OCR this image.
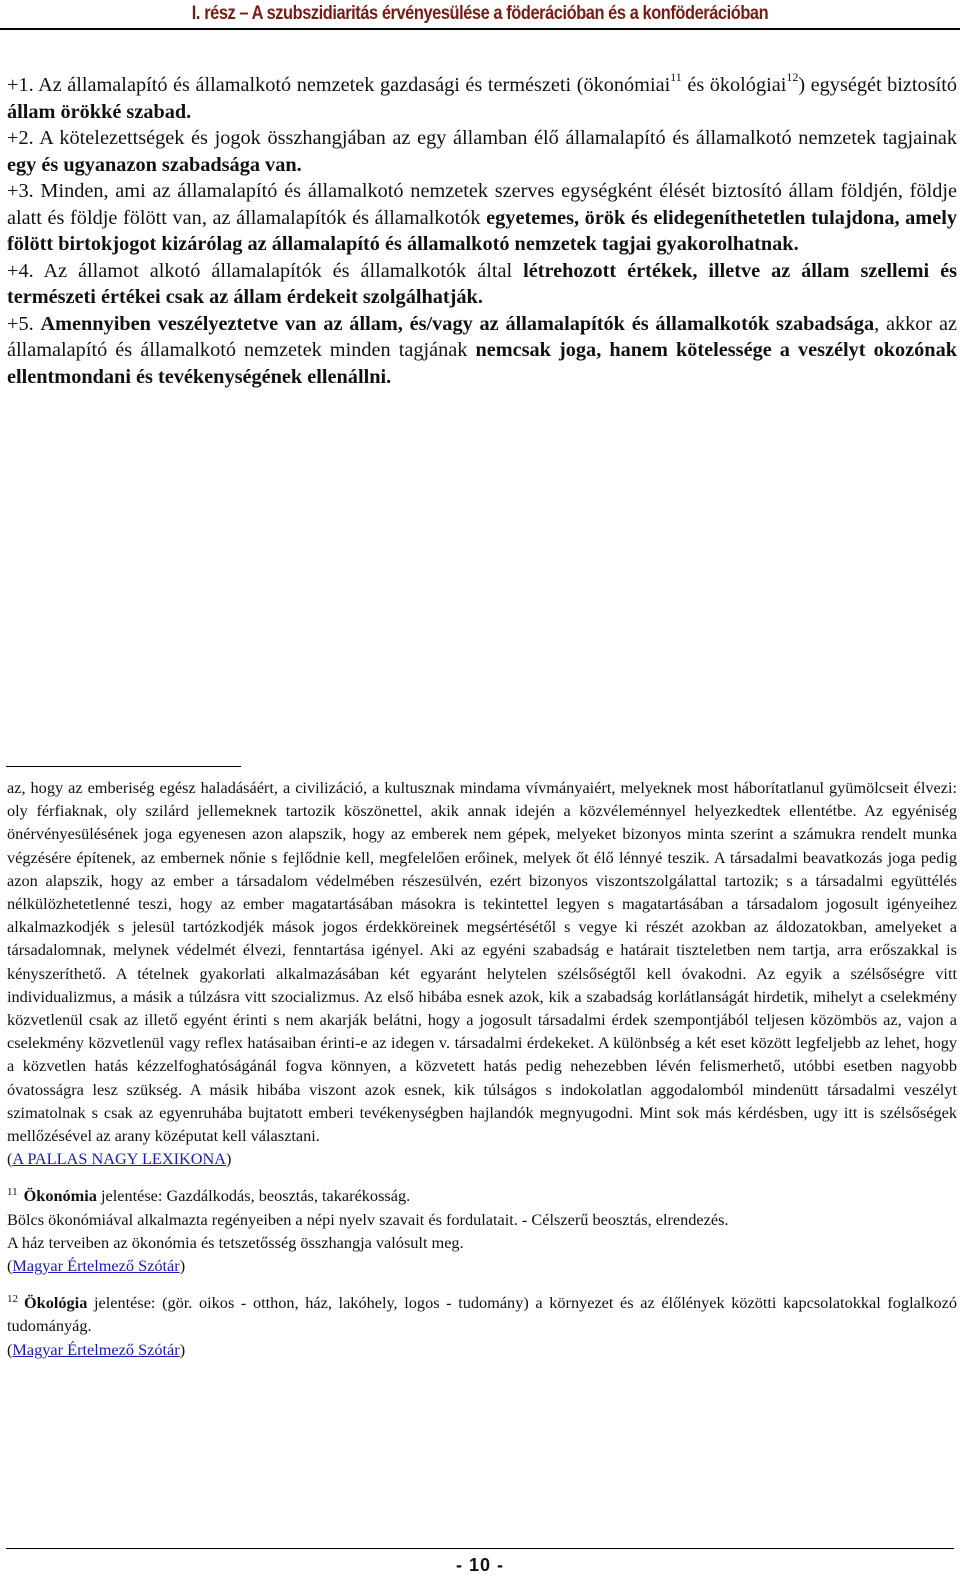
I. rész – A szubszidiaritás érvényesülése a föderációban és a konföderációban

+1. Az államalapító és államalkotó nemzetek gazdasági és természeti (ökonómiai$^{11}$ és ökológiai$^{12}$) egységét biztosító állam örökké szabad.

+2. A kötelezettségek és jogok összhangjában az egy államban élő államalapító és államalkotó nemzetek tagjainak egy és ugyanazon szabadsága van.

+3. Minden, ami az államalapító és államalkotó nemzetek szerves egységként élését biztosító állam földjén, földje alatt és földje fölött van, az államalapítók és államalkotók egyetemes, örök és elidegeníthetetlen tulajdona, amely fölött birtokjogot kizárólag az államalapító és államalkotó nemzetek tagjai gyakorolhatnak.

+4. Az államot alkotó államalapítók és államalkotók által létrehozott értékek, illetve az állam szellemi és természeti értékei csak az állam érdekeit szolgálhatják.

+5. Amennyiben veszélyeztetve van az állam, és/vagy az államalapítók és államalkotók szabadsága, akkor az államalapító és államalkotó nemzetek minden tagjának nemcsak joga, hanem kötelessége a veszélyt okozónak ellentmondani és tevékenységének ellenállni.

az, hogy az emberiség egész haladásáért, a civilizáció, a kultusznak mindama vívmányaiért, melyeknek most háborítatlanul gyümölcseit élvezi: oly férfiaknak, oly szilárd jellemeknek tartozik köszönettel, akik annak idején a közvéleménnyel helyezkedtek ellentétbe. Az egyéniség önérvényesülésének joga egyenesen azon alapszik, hogy az emberek nem gépek, melyeket bizonyos minta szerint a számukra rendelt munka végzésére építenek, az embernek nőnie s fejlődnie kell, megfelelően erőinek, melyek őt élő lénnyé teszik. A társadalmi beavatkozás joga pedig azon alapszik, hogy az ember a társadalom védelmében részesülvén, ezért bizonyos viszontszolgálattal tartozik; s a társadalmi együttélés nélkülözhetetlenné teszi, hogy az ember magatartásában másokra is tekintettel legyen s magatartásában a társadalom jogosult igényeihez alkalmazkodjék s jelesül tartózkodjék mások jogos érdekköreinek megsértésétől s vegye ki részét azokban az áldozatokban, amelyeket a társadalomnak, melynek védelmét élvezi, fenntartása igényel. Aki az egyéni szabadság e határait tiszteletben nem tartja, arra erőszakkal is kényszeríthető. A tételnek gyakorlati alkalmazásában két egyaránt helytelen szélsőségtől kell óvakodni. Az egyik a szélsőségre vitt individualizmus, a másik a túlzásra vitt szocializmus. Az első hibába esnek azok, kik a szabadság korlátlanságát hirdetik, mihelyt a cselekmény közvetlenül csak az illető egyént érinti s nem akarják belátni, hogy a jogosult társadalmi érdek szempontjából teljesen közömbös az, vajon a cselekmény közvetlenül vagy reflex hatásaiban érinti-e az idegen v. társadalmi érdekeket. A különbség a két eset között legfeljebb az lehet, hogy a közvetlen hatás kézzelfoghatóságánál fogva könnyen, a közvetett hatás pedig nehezebben lévén felismerhető, utóbbi esetben nagyobb óvatosságra lesz szükség. A másik hibába viszont azok esnek, kik túlságos s indokolatlan aggodalomból mindenütt társadalmi veszélyt szimatolnak s csak az egyenruhába bujtatott emberi tevékenységben hajlandók megnyugodni. Mint sok más kérdésben, ugy itt is szélsőségek mellőzésével az arany középutat kell választani.

(A PALLAS NAGY LEXIKONA)

$^{11}$ Ökonómia jelentése: Gazdálkodás, beosztás, takarékosság.

Bölcs ökonómiával alkalmazta regényeiben a népi nyelv szavait és fordulatait. - Célszerű beosztás, elrendezés.

A ház terveiben az ökonómia és tetszetősség összhangja valósult meg.

(Magyar Értelmező Szótár)

$^{12}$ Ökológia jelentése: (gör. oikos - otthon, ház, lakóhely, logos - tudomány) a környezet és az élőlények közötti kapcsolatokkal foglalkozó tudományág.

(Magyar Értelmező Szótár)

- 10 -
